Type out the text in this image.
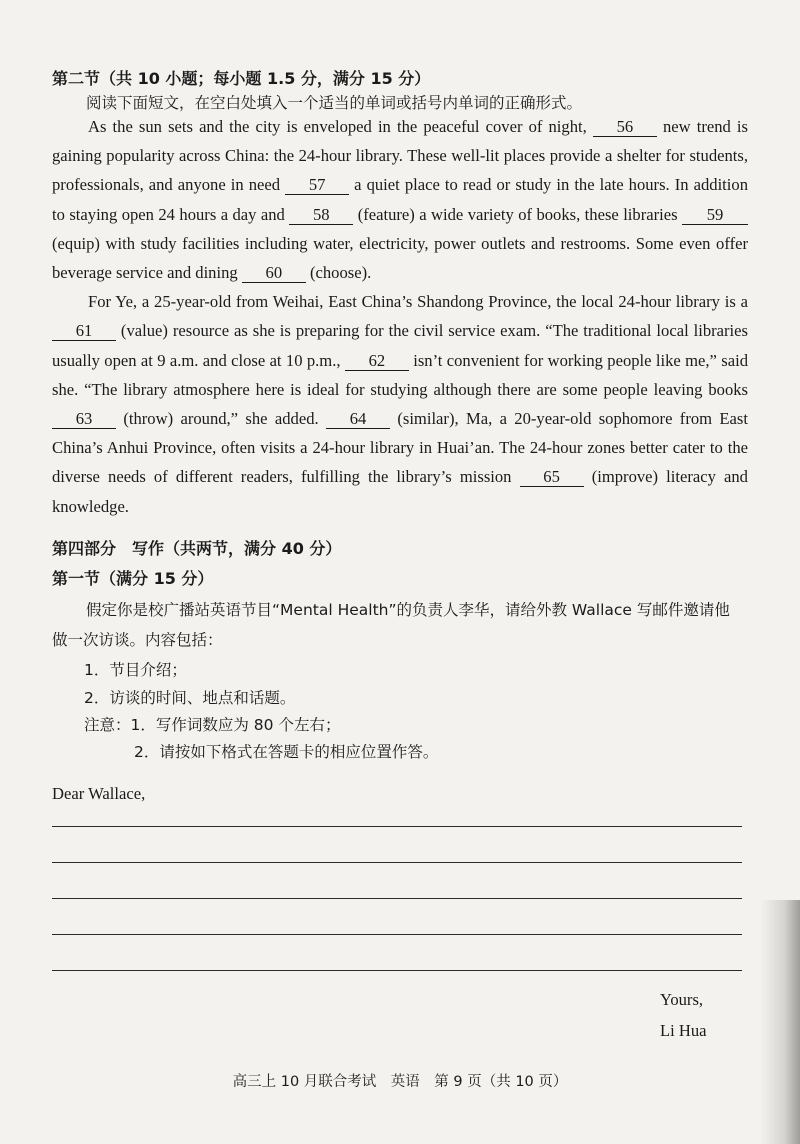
第二节（共 10 小题；每小题 1.5 分，满分 15 分）
阅读下面短文，在空白处填入一个适当的单词或括号内单词的正确形式。

As the sun sets and the city is enveloped in the peaceful cover of night, 56 new trend is gaining popularity across China: the 24-hour library. These well-lit places provide a shelter for students, professionals, and anyone in need 57 a quiet place to read or study in the late hours. In addition to staying open 24 hours a day and 58 (feature) a wide variety of books, these libraries 59 (equip) with study facilities including water, electricity, power outlets and restrooms. Some even offer beverage service and dining 60 (choose).

For Ye, a 25-year-old from Weihai, East China’s Shandong Province, the local 24-hour library is a 61 (value) resource as she is preparing for the civil service exam. “The traditional local libraries usually open at 9 a.m. and close at 10 p.m., 62 isn’t convenient for working people like me,” said she. “The library atmosphere here is ideal for studying although there are some people leaving books 63 (throw) around,” she added. 64 (similar), Ma, a 20-year-old sophomore from East China’s Anhui Province, often visits a 24-hour library in Huai’an. The 24-hour zones better cater to the diverse needs of different readers, fulfilling the library’s mission 65 (improve) literacy and knowledge.

第四部分　写作（共两节，满分 40 分）
第一节（满分 15 分）
假定你是校广播站英语节目“Mental Health”的负责人李华，请给外教 Wallace 写邮件邀请他
做一次访谈。内容包括：
1．节目介绍；
2．访谈的时间、地点和话题。
注意：1．写作词数应为 80 个左右；
2．请按如下格式在答题卡的相应位置作答。
Dear Wallace,
Yours,
Li Hua
高三上 10 月联合考试　英语　第 9 页（共 10 页）
